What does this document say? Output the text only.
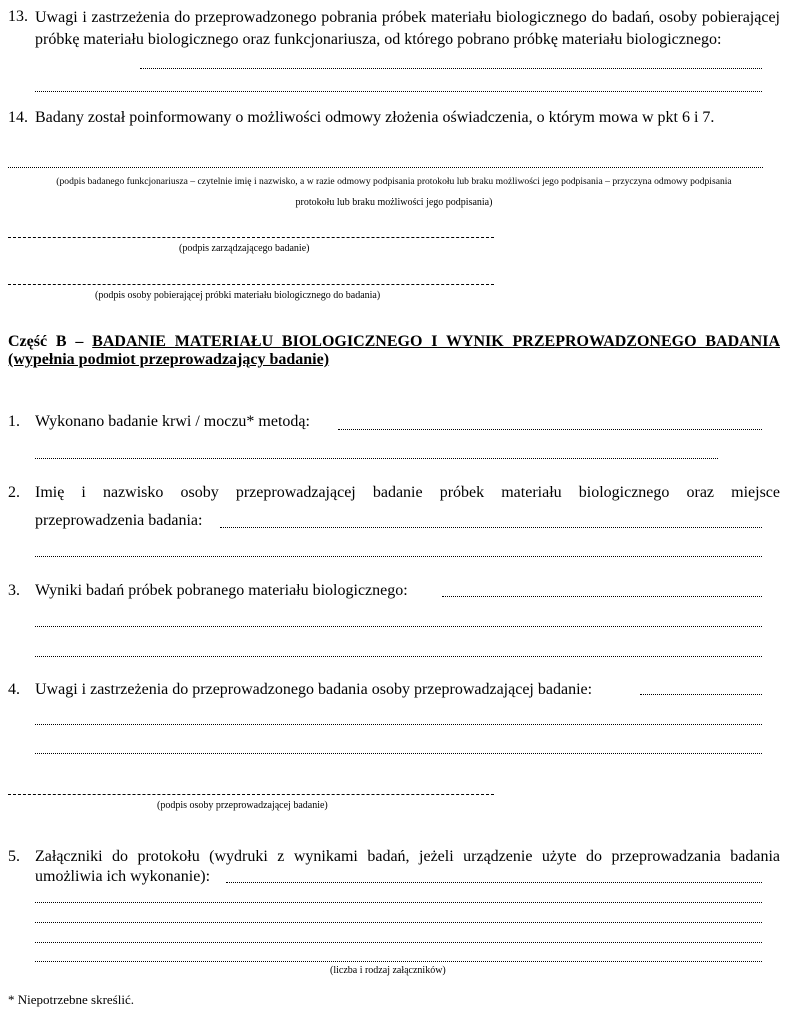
13. Uwagi i zastrzeżenia do przeprowadzonego pobrania próbek materiału biologicznego do badań, osoby pobierającej próbkę materiału biologicznego oraz funkcjonariusza, od którego pobrano próbkę materiału biologicznego:
14. Badany został poinformowany o możliwości odmowy złożenia oświadczenia, o którym mowa w pkt 6 i 7.
(podpis badanego funkcjonariusza – czytelnie imię i nazwisko, a w razie odmowy podpisania protokołu lub braku możliwości jego podpisania – przyczyna odmowy podpisania
protokołu lub braku możliwości jego podpisania)
(podpis zarządzającego badanie)
(podpis osoby pobierającej próbki materiału biologicznego do badania)
Część B – BADANIE MATERIAŁU BIOLOGICZNEGO I WYNIK PRZEPROWADZONEGO BADANIA (wypełnia podmiot przeprowadzający badanie)
1. Wykonano badanie krwi / moczu* metodą:
2. Imię i nazwisko osoby przeprowadzającej badanie próbek materiału biologicznego oraz miejsce
przeprowadzenia badania:
3. Wyniki badań próbek pobranego materiału biologicznego:
4. Uwagi i zastrzeżenia do przeprowadzonego badania osoby przeprowadzającej badanie:
(podpis osoby przeprowadzającej badanie)
5. Załączniki do protokołu (wydruki z wynikami badań, jeżeli urządzenie użyte do przeprowadzania badania
umożliwia ich wykonanie):
(liczba i rodzaj załączników)
* Niepotrzebne skreślić.
